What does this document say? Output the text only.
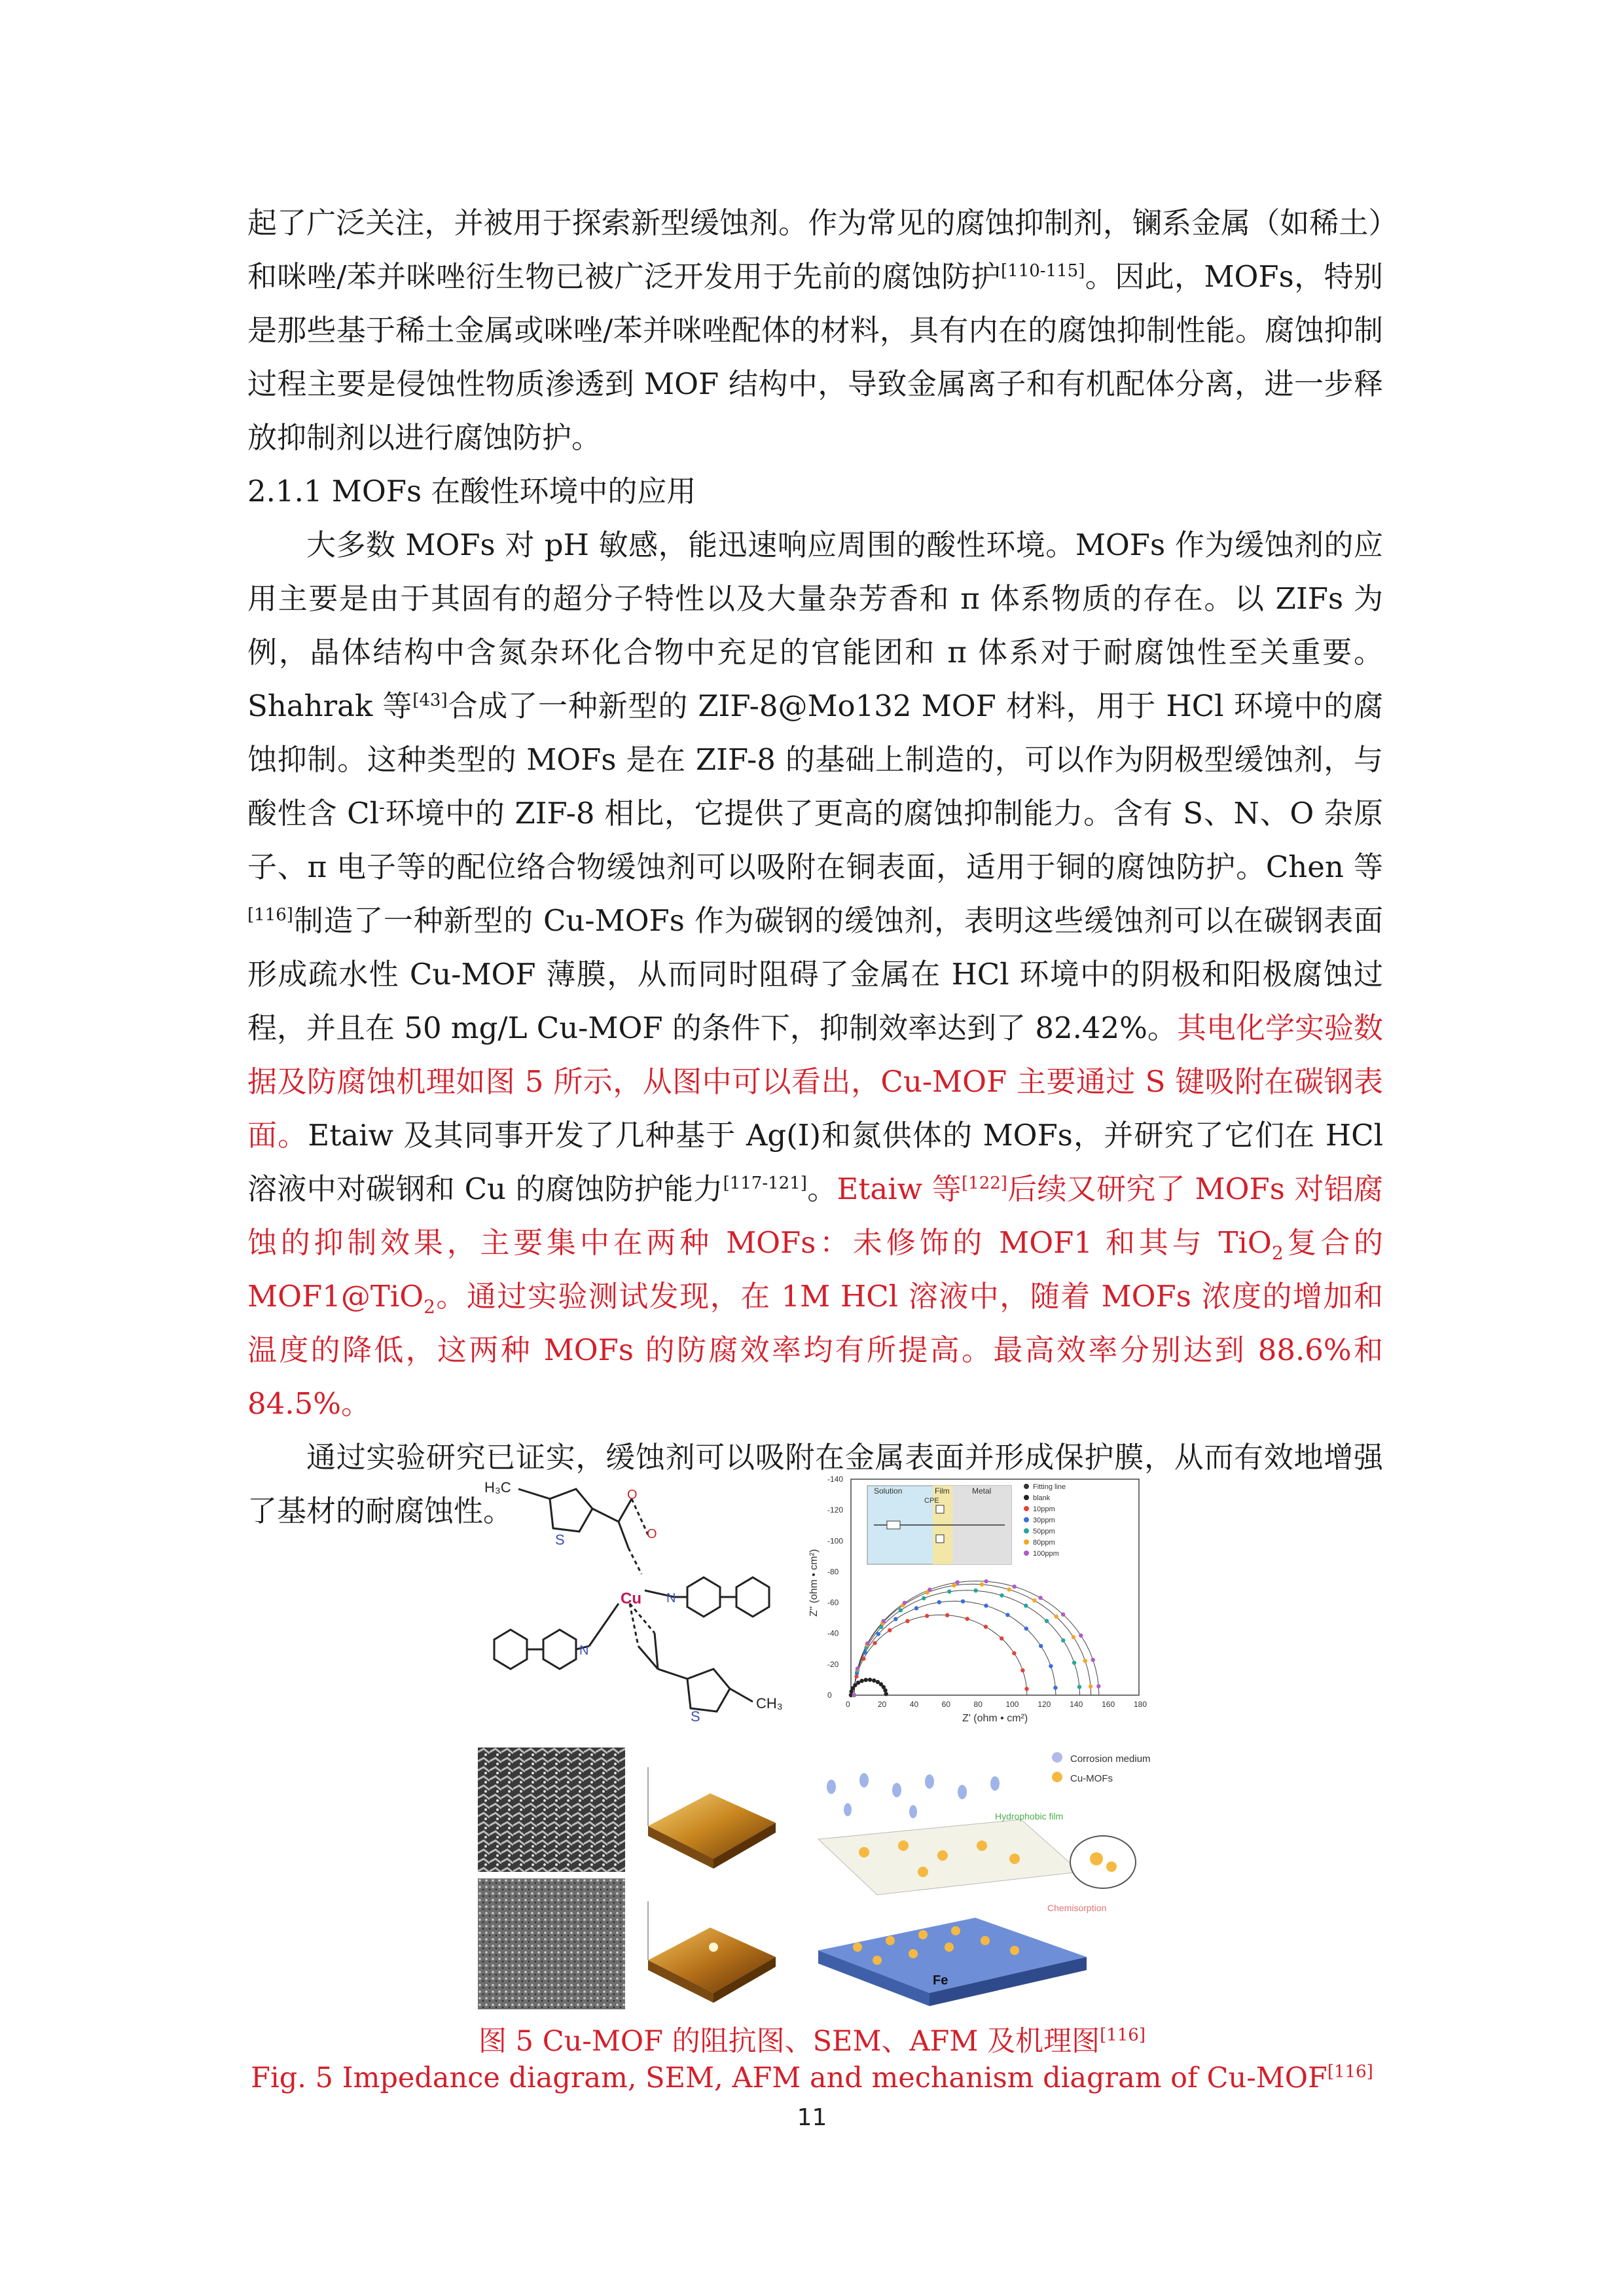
起了广泛关注，并被用于探索新型缓蚀剂。作为常见的腐蚀抑制剂，镧系金属（如稀土）和咪唑/苯并咪唑衍生物已被广泛开发用于先前的腐蚀防护[110-115]。因此，MOFs，特别是那些基于稀土金属或咪唑/苯并咪唑配体的材料，具有内在的腐蚀抑制性能。腐蚀抑制过程主要是侵蚀性物质渗透到 MOF 结构中，导致金属离子和有机配体分离，进一步释放抑制剂以进行腐蚀防护。

2.1.1 MOFs 在酸性环境中的应用

大多数 MOFs 对 pH 敏感，能迅速响应周围的酸性环境。MOFs 作为缓蚀剂的应用主要是由于其固有的超分子特性以及大量杂芳香和 π 体系物质的存在。以 ZIFs 为例，晶体结构中含氮杂环化合物中充足的官能团和 π 体系对于耐腐蚀性至关重要。Shahrak 等[43]合成了一种新型的 ZIF-8@Mo132 MOF 材料，用于 HCl 环境中的腐蚀抑制。这种类型的 MOFs 是在 ZIF-8 的基础上制造的，可以作为阴极型缓蚀剂，与酸性含 Cl-环境中的 ZIF-8 相比，它提供了更高的腐蚀抑制能力。含有 S、N、O 杂原子、π 电子等的配位络合物缓蚀剂可以吸附在铜表面，适用于铜的腐蚀防护。Chen 等[116]制造了一种新型的 Cu-MOFs 作为碳钢的缓蚀剂，表明这些缓蚀剂可以在碳钢表面形成疏水性 Cu-MOF 薄膜，从而同时阻碍了金属在 HCl 环境中的阴极和阳极腐蚀过程，并且在 50 mg/L Cu-MOF 的条件下，抑制效率达到了 82.42%。其电化学实验数据及防腐蚀机理如图 5 所示，从图中可以看出，Cu-MOF 主要通过 S 键吸附在碳钢表面。Etaiw 及其同事开发了几种基于 Ag(I)和氮供体的 MOFs，并研究了它们在 HCl 溶液中对碳钢和 Cu 的腐蚀防护能力[117-121]。Etaiw 等[122]后续又研究了 MOFs 对铝腐蚀的抑制效果，主要集中在两种 MOFs：未修饰的 MOF1 和其与 TiO$_2$复合的 MOF1@TiO$_2$。通过实验测试发现，在 1M HCl 溶液中，随着 MOFs 浓度的增加和温度的降低，这两种 MOFs 的防腐效率均有所提高。最高效率分别达到 88.6%和 84.5%。

通过实验研究已证实，缓蚀剂可以吸附在金属表面并形成保护膜，从而有效地增强了基材的耐腐蚀性。

H₃C
S
Cu
S
CH₃
O
O
N
N
Solution	Film	Metal
CPE
Fitting line
blank
10ppm
30ppm
50ppm
80ppm
100ppm
0	20	40	60	80	100 120 140 160 180
0
-20
-40
-60
-80
-100
-120
-140
Z' (ohm • cm²)
Z'' (ohm • cm²)
Corrosion medium
Cu-MOFs
Hydrophobic film
Chemisorption
Fe
图 5 Cu-MOF 的阻抗图、SEM、AFM 及机理图[116]
Fig. 5 Impedance diagram, SEM, AFM and mechanism diagram of Cu-MOF[116]
11
